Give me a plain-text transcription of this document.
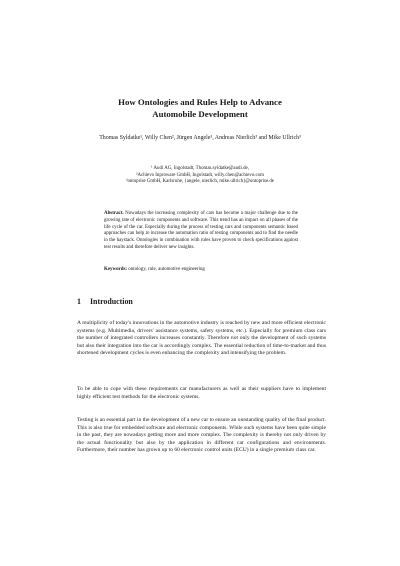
How Ontologies and Rules Help to Advance
Automobile Development

Thomas Syldatke¹, Willy Chen², Jürgen Angele³, Andreas Nierlich³ and Mike Ullrich³

¹ Audi AG, Ingolstadt, Thomas.syldatke@audi.de,
²Achievo Inproware GmbH, Ingolstadt, willy.chen@achievo.com
³ontoprise GmbH, Karlsruhe, {angele, nierlich, mike.ullrich}@ontoprise.de

Abstract. Nowadays the increasing complexity of cars has become a major challenge due to the growing rate of electronic components and software. This trend has an impact on all phases of the life cycle of the car. Especially during the process of testing cars and components semantic based approaches can help to increase the automation ratio of testing components and to find the needle in the haystack. Ontologies in combination with rules have proven to check specifications against test results and therefore deliver new insights.

Keywords: ontology, rule, automotive engineering

1 Introduction

A multiplicity of today's innovations in the automotive industry is reached by new and more efficient electronic systems (e.g. Multimedia, drivers' assistance systems, safety systems, etc.). Especially for premium class cars the number of integrated controllers increases constantly. Therefore not only the development of such systems but also their integration into the car is accordingly complex. The essential reduction of time-to-market and thus shortened development cycles is even enhancing the complexity and intensifying the problem.

To be able to cope with these requirements car manufacturers as well as their suppliers have to implement highly efficient test methods for the electronic systems.

Testing is an essential part in the development of a new car to ensure an outstanding quality of the final product. This is also true for embedded software and electronic components. While such systems have been quite simple in the past, they are nowadays getting more and more complex. The complexity is thereby not only driven by the actual functionality but also by the application in different car configurations and environments. Furthermore, their number has grown up to 60 electronic control units (ECU) in a single premium class car.
